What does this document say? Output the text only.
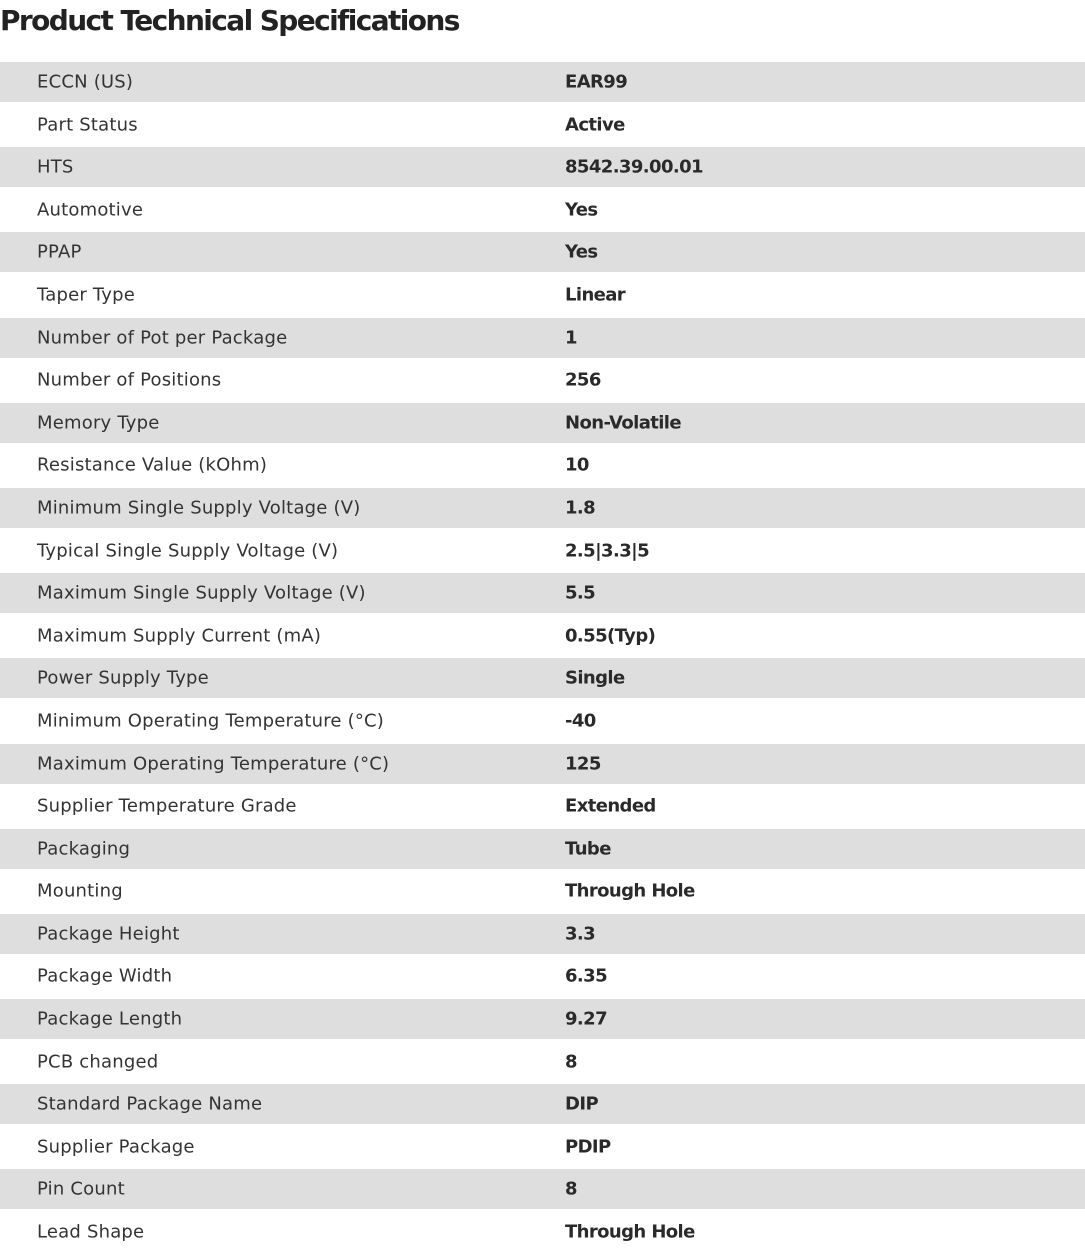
Product Technical Specifications
ECCN (US)	EAR99
Part Status	Active
HTS	8542.39.00.01
Automotive	Yes
PPAP	Yes
Taper Type	Linear
Number of Pot per Package	1
Number of Positions	256
Memory Type	Non-Volatile
Resistance Value (kOhm)	10
Minimum Single Supply Voltage (V)	1.8
Typical Single Supply Voltage (V)	2.5|3.3|5
Maximum Single Supply Voltage (V)	5.5
Maximum Supply Current (mA)	0.55(Typ)
Power Supply Type	Single
Minimum Operating Temperature (°C)	-40
Maximum Operating Temperature (°C)	125
Supplier Temperature Grade	Extended
Packaging	Tube
Mounting	Through Hole
Package Height	3.3
Package Width	6.35
Package Length	9.27
PCB changed	8
Standard Package Name	DIP
Supplier Package	PDIP
Pin Count	8
Lead Shape	Through Hole
